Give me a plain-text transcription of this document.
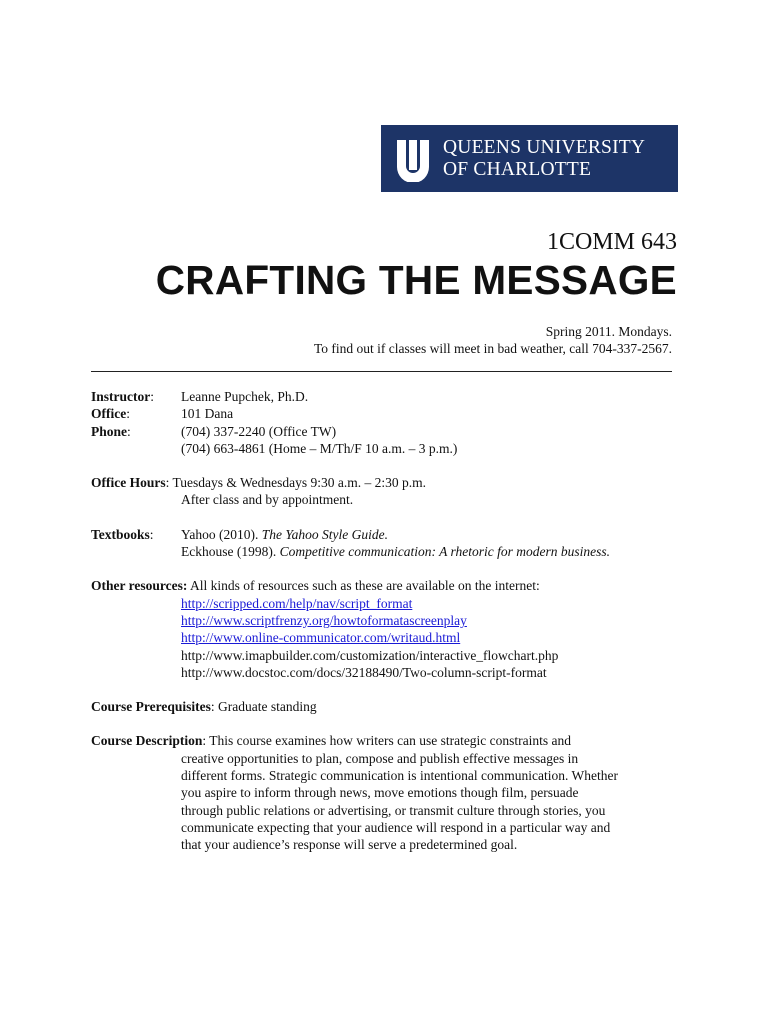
QUEENS UNIVERSITY
OF CHARLOTTE
1COMM 643
CRAFTING THE MESSAGE
Spring 2011. Mondays.
To find out if classes will meet in bad weather, call 704-337-2567.
Instructor:	Leanne Pupchek, Ph.D.
Office:	101 Dana
Phone:	(704) 337-2240 (Office TW)
(704) 663-4861 (Home – M/Th/F 10 a.m. – 3 p.m.)
Office Hours: Tuesdays & Wednesdays 9:30 a.m. – 2:30 p.m.
After class and by appointment.
Textbooks:	Yahoo (2010). The Yahoo Style Guide.
Eckhouse (1998). Competitive communication: A rhetoric for modern business.
Other resources: All kinds of resources such as these are available on the internet:
http://scripped.com/help/nav/script_format
http://www.scriptfrenzy.org/howtoformatascreenplay
http://www.online-communicator.com/writaud.html
http://www.imapbuilder.com/customization/interactive_flowchart.php
http://www.docstoc.com/docs/32188490/Two-column-script-format
Course Prerequisites: Graduate standing
Course Description: This course examines how writers can use strategic constraints and
creative opportunities to plan, compose and publish effective messages in
different forms. Strategic communication is intentional communication. Whether
you aspire to inform through news, move emotions though film, persuade
through public relations or advertising, or transmit culture through stories, you
communicate expecting that your audience will respond in a particular way and
that your audience’s response will serve a predetermined goal.
